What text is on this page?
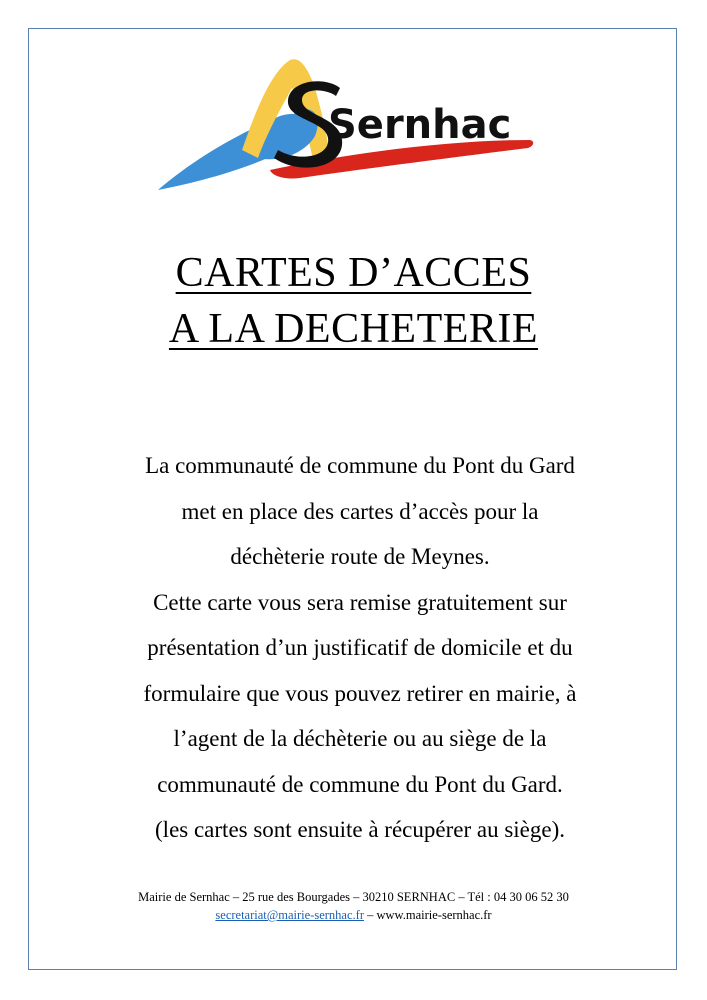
Sernhac
CARTES D’ACCES
A LA DECHETERIE
La communauté de commune du Pont du Gard
met en place des cartes d’accès pour la
déchèterie route de Meynes.
Cette carte vous sera remise gratuitement sur
présentation d’un justificatif de domicile et du
formulaire que vous pouvez retirer en mairie, à
l’agent de la déchèterie ou au siège de la
communauté de commune du Pont du Gard.
(les cartes sont ensuite à récupérer au siège).
Mairie de Sernhac – 25 rue des Bourgades – 30210 SERNHAC – Tél : 04 30 06 52 30
secretariat@mairie-sernhac.fr – www.mairie-sernhac.fr
